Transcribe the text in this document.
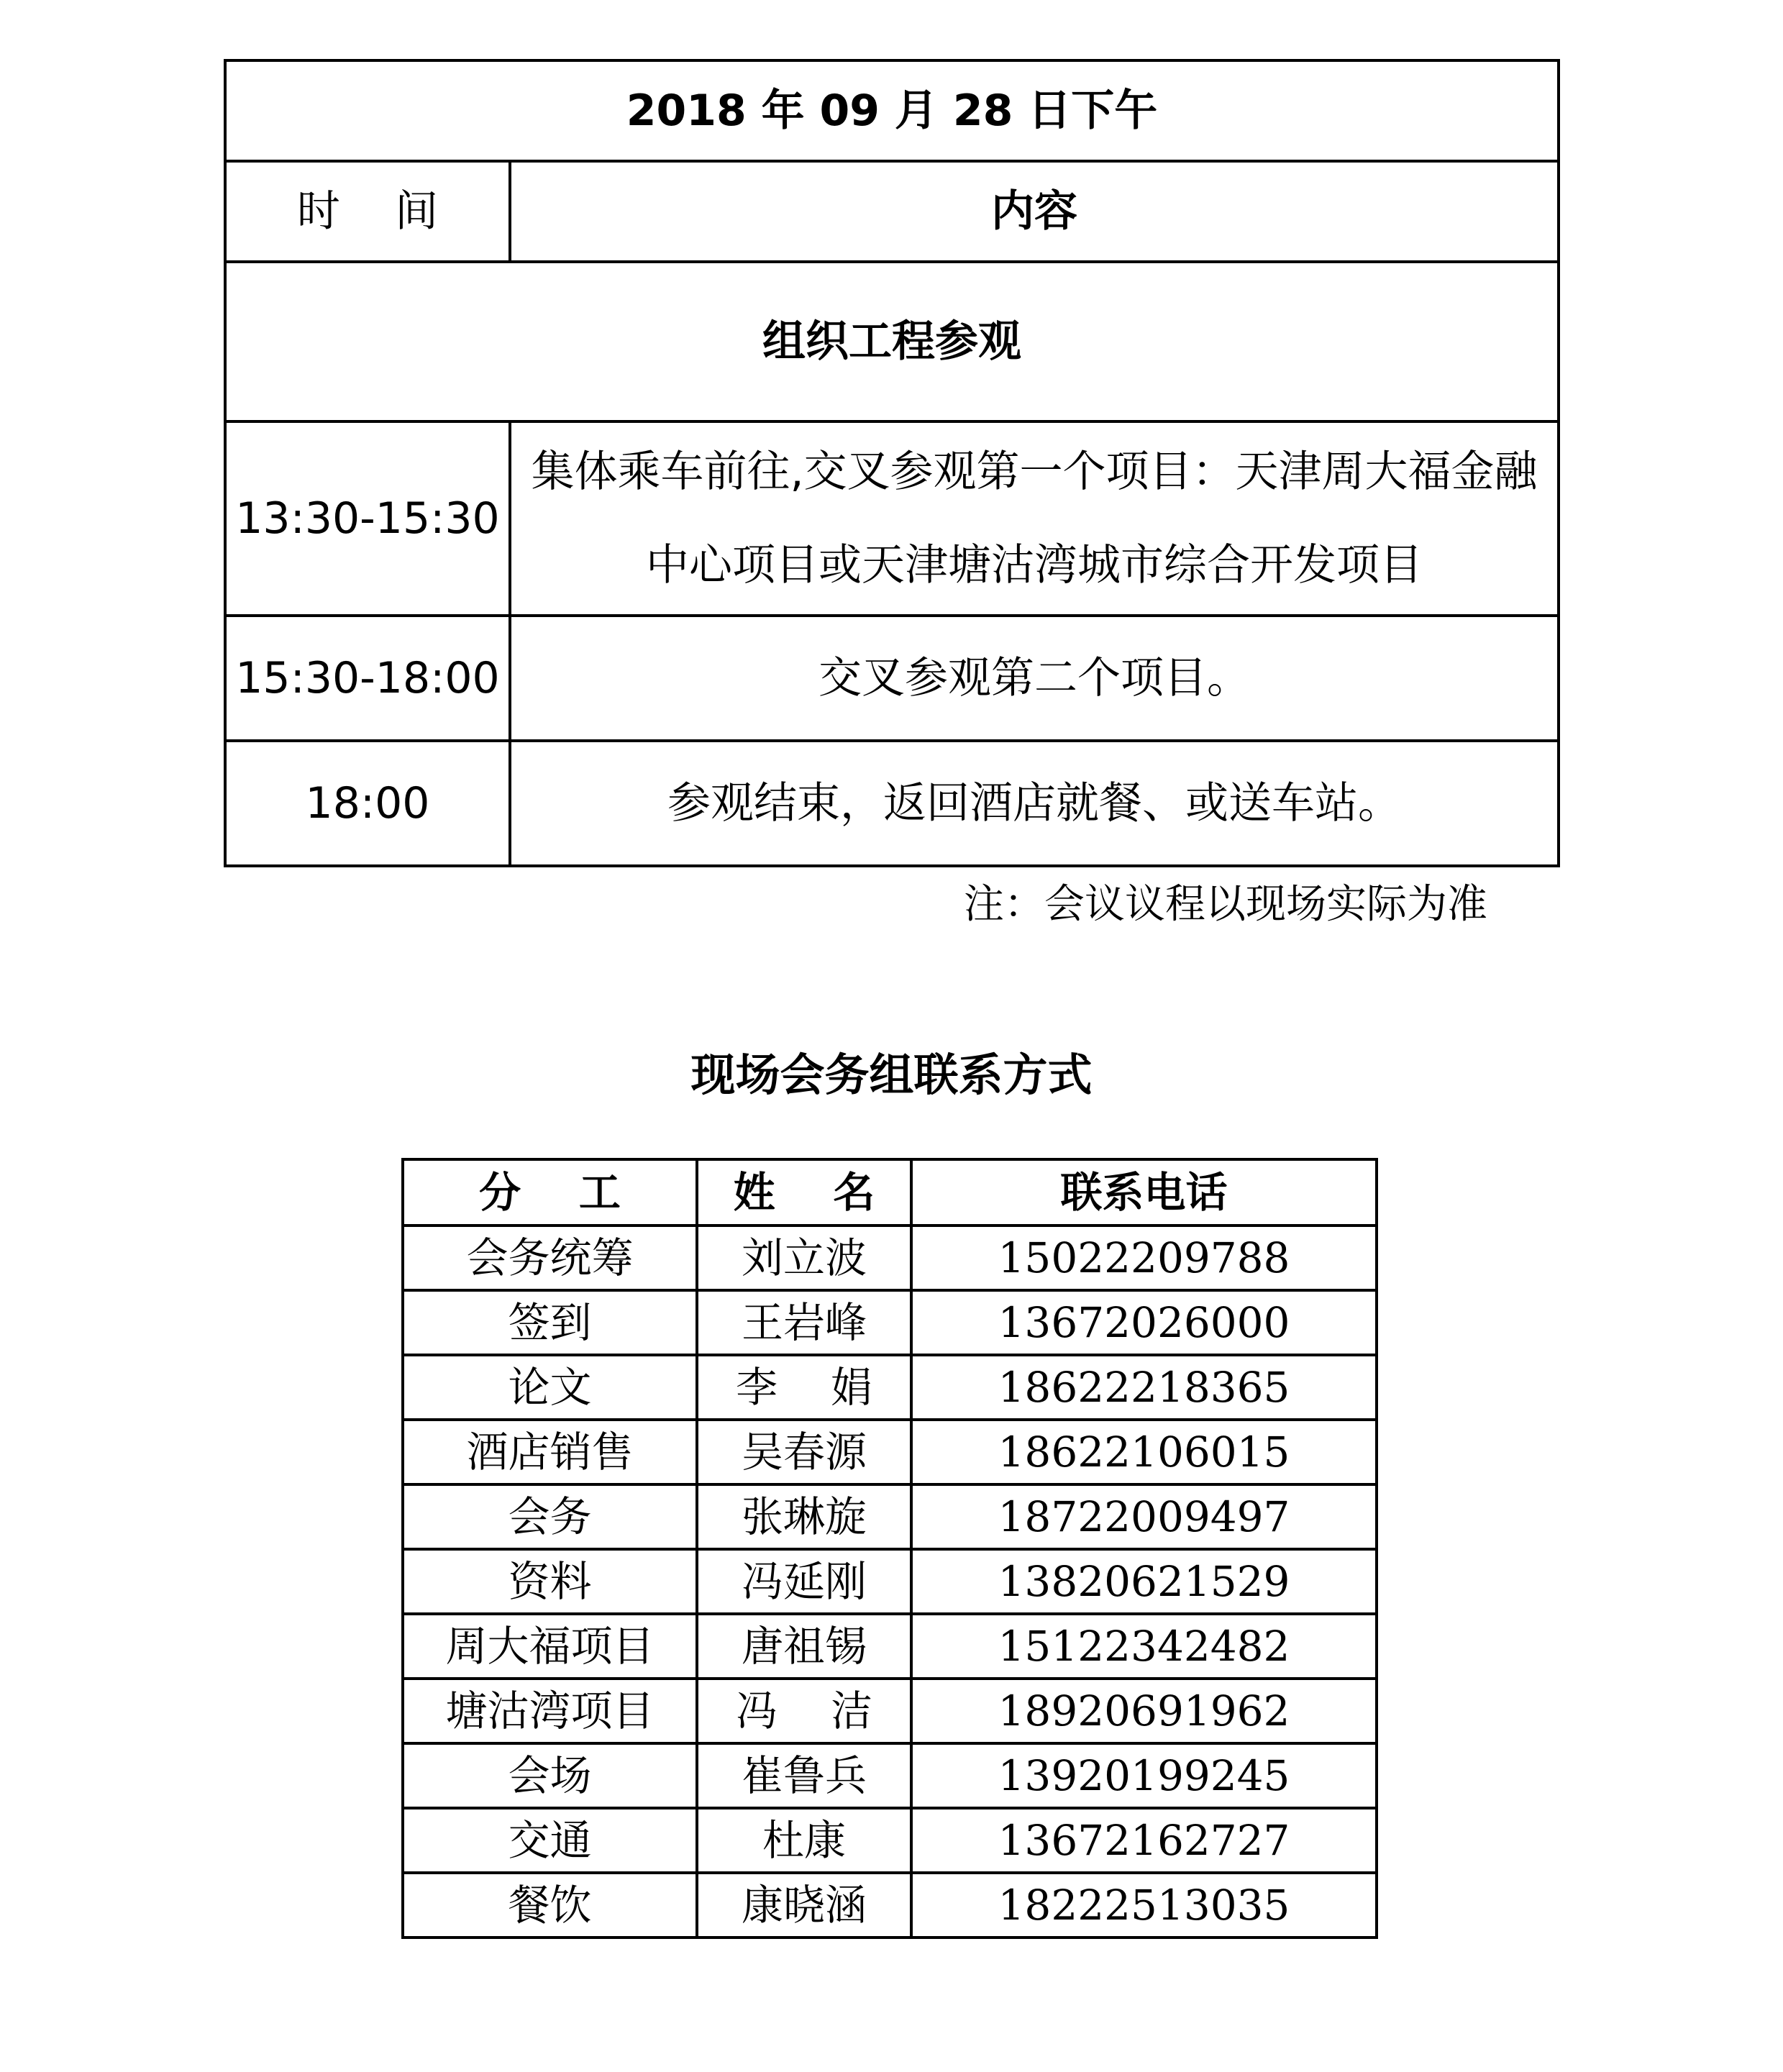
2018 年 09 月 28 日下午	
时    间	内容
组织工程参观	
13:30-15:30	集体乘车前往,交叉参观第一个项目：天津周大福金融中心项目或天津塘沽湾城市综合开发项目
15:30-18:00	交叉参观第二个项目。
18:00	参观结束，返回酒店就餐、或送车站。
注：会议议程以现场实际为准
现场会务组联系方式
分    工	姓    名	联系电话
会务统筹	刘立波	15022209788
签到	王岩峰	13672026000
论文	李    娟	18622218365
酒店销售	吴春源	18622106015
会务	张琳旋	18722009497
资料	冯延刚	13820621529
周大福项目	唐祖锡	15122342482
塘沽湾项目	冯    洁	18920691962
会场	崔鲁兵	13920199245
交通	杜康	13672162727
餐饮	康晓涵	18222513035
